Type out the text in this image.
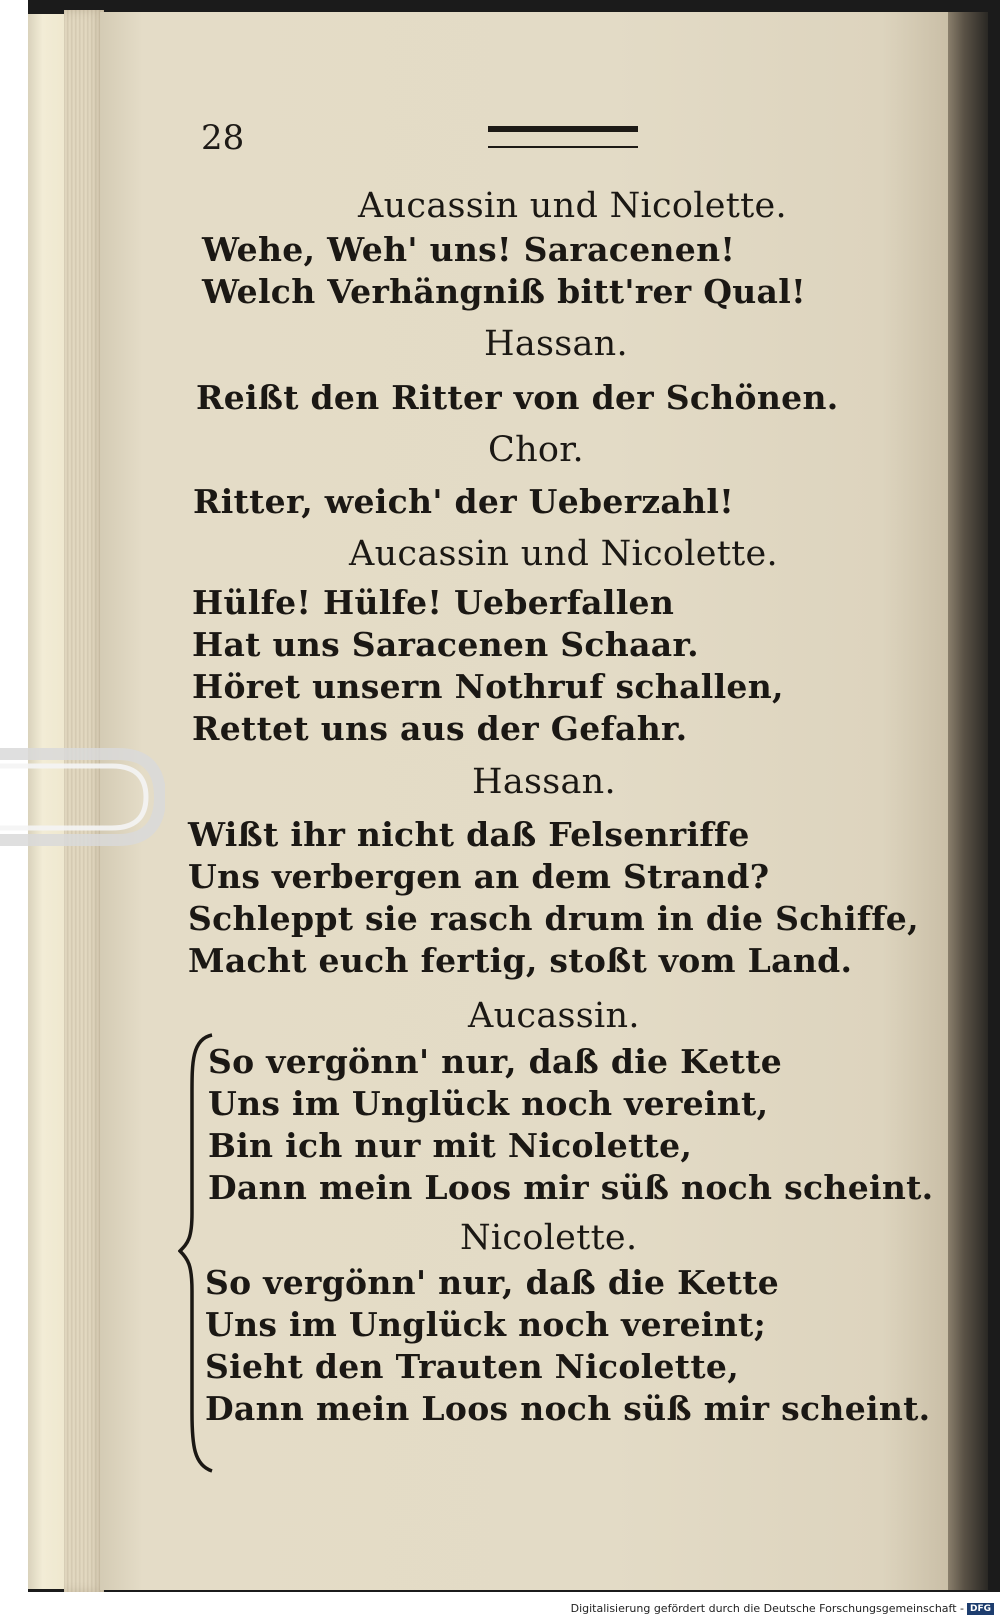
28

Aucassin und Nicolette.

Wehe, Weh' uns! Saracenen!

Welch Verhängniß bitt'rer Qual!

Hassan.

Reißt den Ritter von der Schönen.

Chor.

Ritter, weich' der Ueberzahl!

Aucassin und Nicolette.

Hülfe! Hülfe! Ueberfallen

Hat uns Saracenen Schaar.

Höret unsern Nothruf schallen,

Rettet uns aus der Gefahr.

Hassan.

Wißt ihr nicht daß Felsenriffe

Uns verbergen an dem Strand?

Schleppt sie rasch drum in die Schiffe,

Macht euch fertig, stoßt vom Land.

Aucassin.

So vergönn' nur, daß die Kette

Uns im Unglück noch vereint,

Bin ich nur mit Nicolette,

Dann mein Loos mir süß noch scheint.

Nicolette.

So vergönn' nur, daß die Kette

Uns im Unglück noch vereint;

Sieht den Trauten Nicolette,

Dann mein Loos noch süß mir scheint.

Digitalisierung gefördert durch die Deutsche Forschungsgemeinschaft - DFG
